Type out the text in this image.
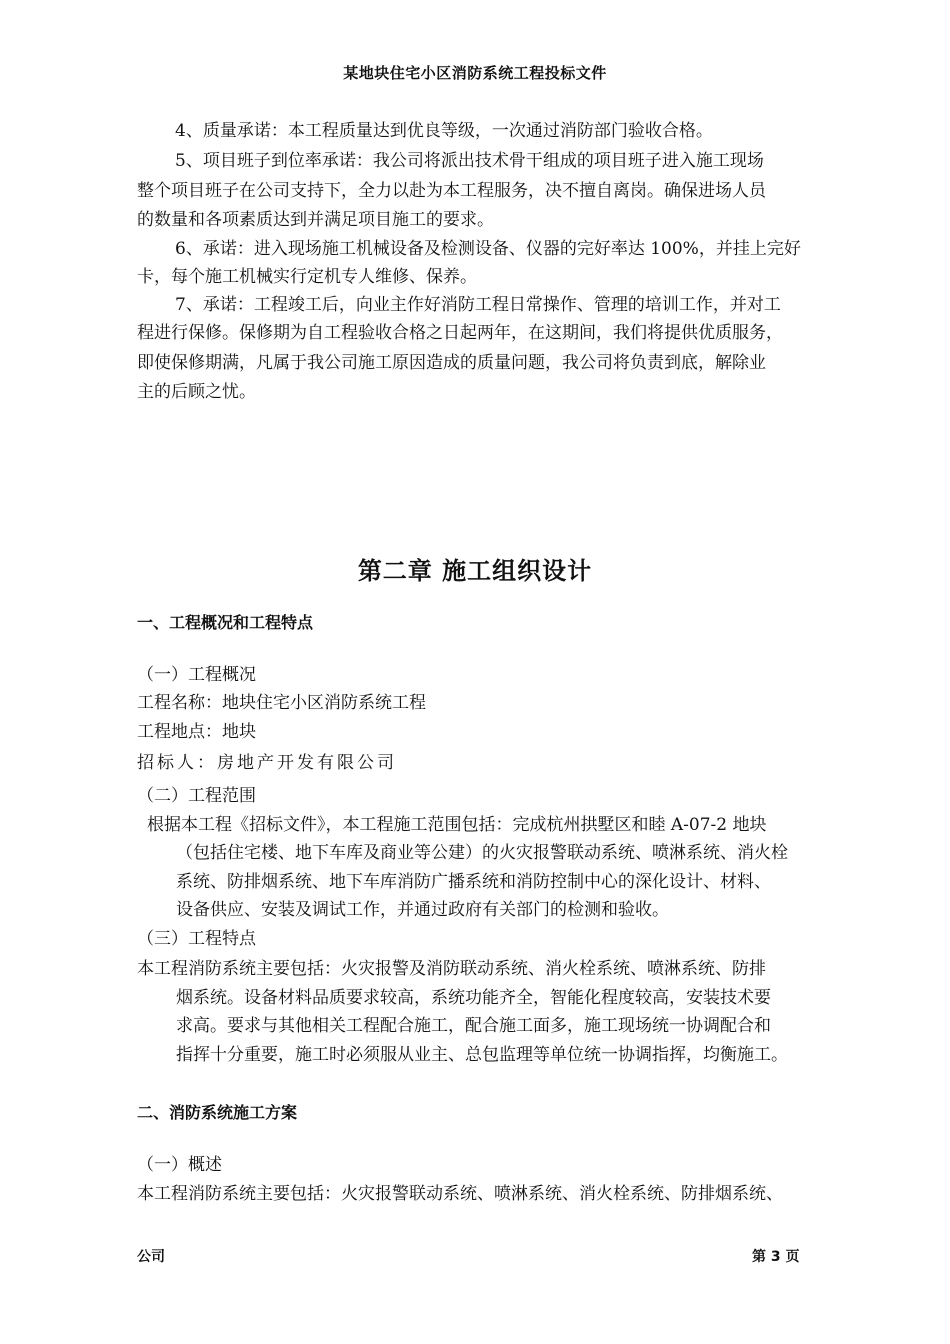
某地块住宅小区消防系统工程投标文件
4、质量承诺：本工程质量达到优良等级，一次通过消防部门验收合格。
5、项目班子到位率承诺：我公司将派出技术骨干组成的项目班子进入施工现场
整个项目班子在公司支持下，全力以赴为本工程服务，决不擅自离岗。确保进场人员
的数量和各项素质达到并满足项目施工的要求。
6、承诺：进入现场施工机械设备及检测设备、仪器的完好率达 100%，并挂上完好
卡，每个施工机械实行定机专人维修、保养。
7、承诺：工程竣工后，向业主作好消防工程日常操作、管理的培训工作，并对工
程进行保修。保修期为自工程验收合格之日起两年，在这期间，我们将提供优质服务，
即使保修期满，凡属于我公司施工原因造成的质量问题，我公司将负责到底，解除业
主的后顾之忧。
第二章 施工组织设计
一、工程概况和工程特点
（一）工程概况
工程名称：地块住宅小区消防系统工程
工程地点：地块
招标人：房地产开发有限公司
（二）工程范围
根据本工程《招标文件》，本工程施工范围包括：完成杭州拱墅区和睦 A-07-2 地块
（包括住宅楼、地下车库及商业等公建）的火灾报警联动系统、喷淋系统、消火栓
系统、防排烟系统、地下车库消防广播系统和消防控制中心的深化设计、材料、
设备供应、安装及调试工作，并通过政府有关部门的检测和验收。
（三）工程特点
本工程消防系统主要包括：火灾报警及消防联动系统、消火栓系统、喷淋系统、防排
烟系统。设备材料品质要求较高，系统功能齐全，智能化程度较高，安装技术要
求高。要求与其他相关工程配合施工，配合施工面多，施工现场统一协调配合和
指挥十分重要，施工时必须服从业主、总包监理等单位统一协调指挥，均衡施工。
二、消防系统施工方案
（一）概述
本工程消防系统主要包括：火灾报警联动系统、喷淋系统、消火栓系统、防排烟系统、
公司	第 3 页
